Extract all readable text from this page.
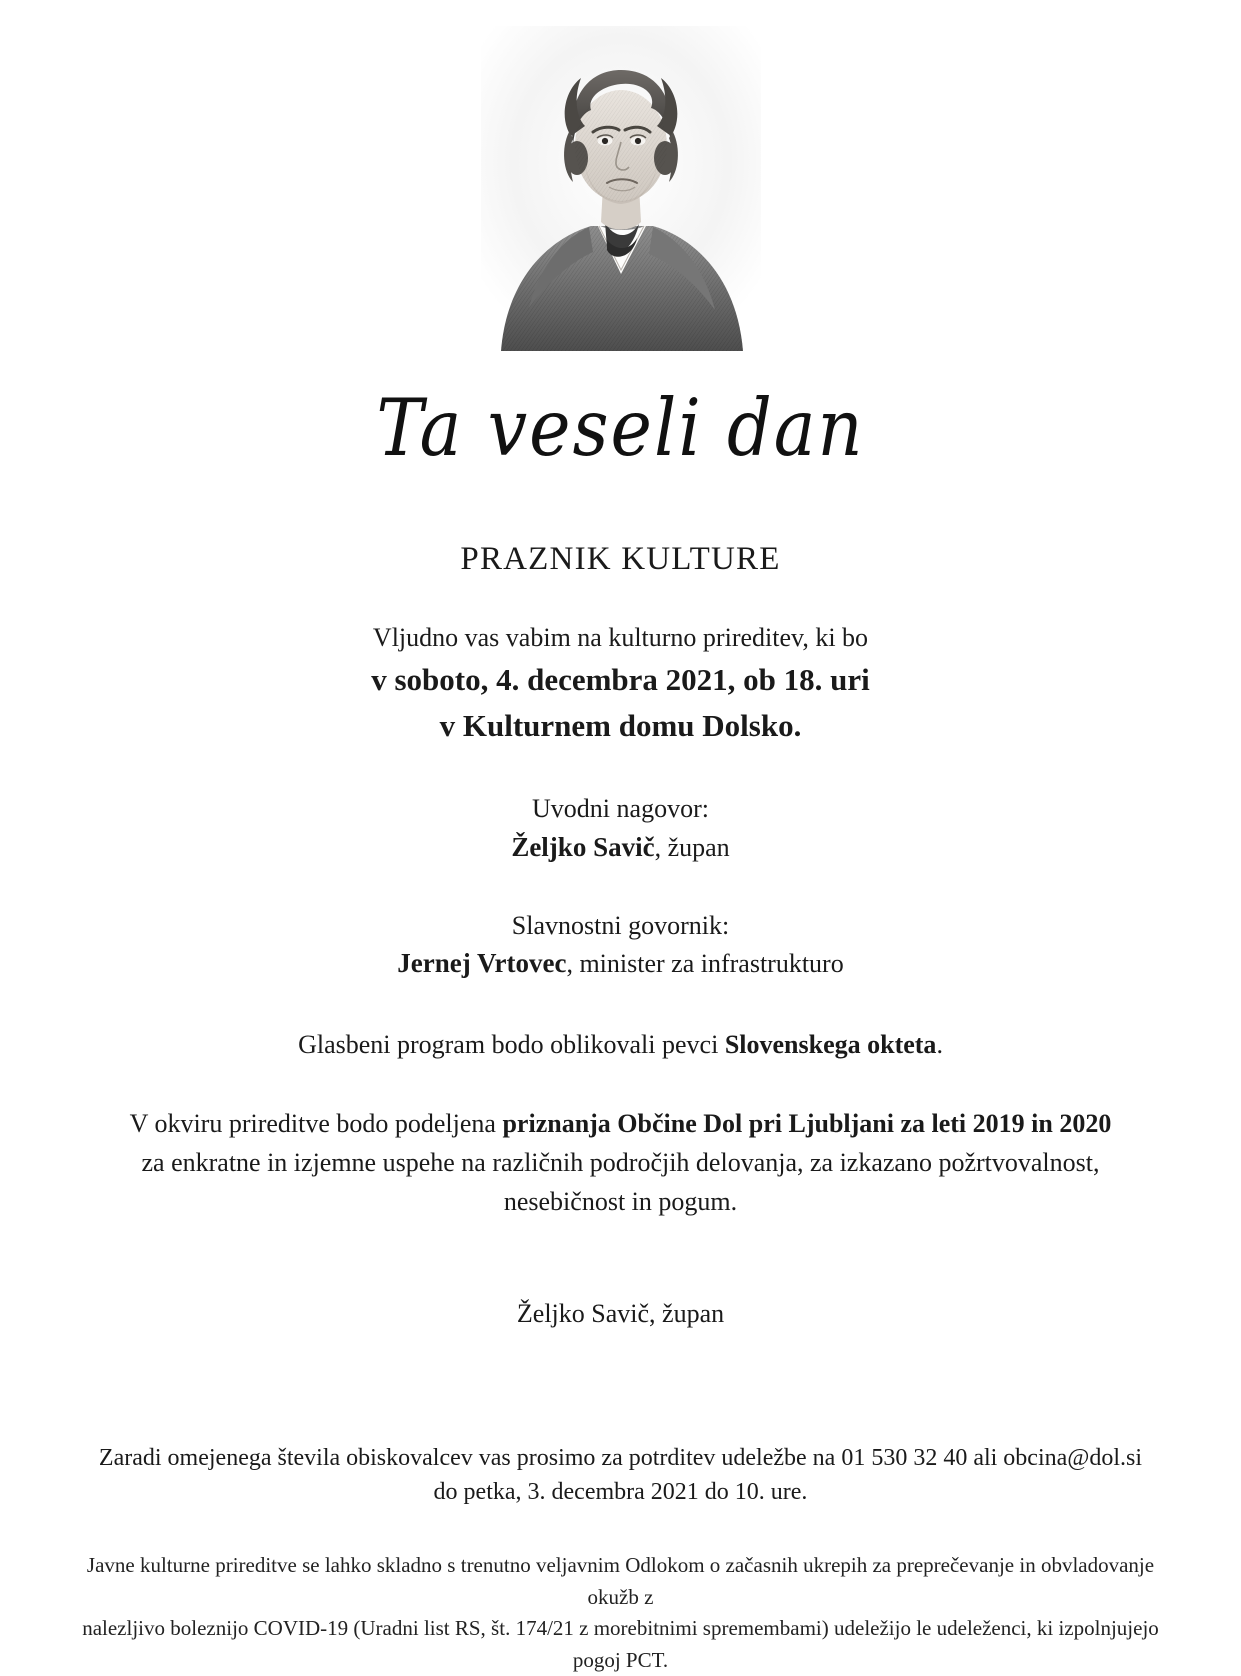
Ta veseli dan
PRAZNIK KULTURE
Vljudno vas vabim na kulturno prireditev, ki bo
v soboto, 4. decembra 2021, ob 18. uri
v Kulturnem domu Dolsko.
Uvodni nagovor:
Željko Savič, župan
Slavnostni govornik:
Jernej Vrtovec, minister za infrastrukturo
Glasbeni program bodo oblikovali pevci Slovenskega okteta.
V okviru prireditve bodo podeljena priznanja Občine Dol pri Ljubljani za leti 2019 in 2020
za enkratne in izjemne uspehe na različnih področjih delovanja, za izkazano požrtvovalnost,
nesebičnost in pogum.
Željko Savič, župan
Zaradi omejenega števila obiskovalcev vas prosimo za potrditev udeležbe na 01 530 32 40 ali obcina@dol.si
do petka, 3. decembra 2021 do 10. ure.
Javne kulturne prireditve se lahko skladno s trenutno veljavnim Odlokom o začasnih ukrepih za preprečevanje in obvladovanje okužb z
nalezljivo boleznijo COVID-19 (Uradni list RS, št. 174/21 z morebitnimi spremembami) udeležijo le udeleženci, ki izpolnjujejo pogoj PCT.
